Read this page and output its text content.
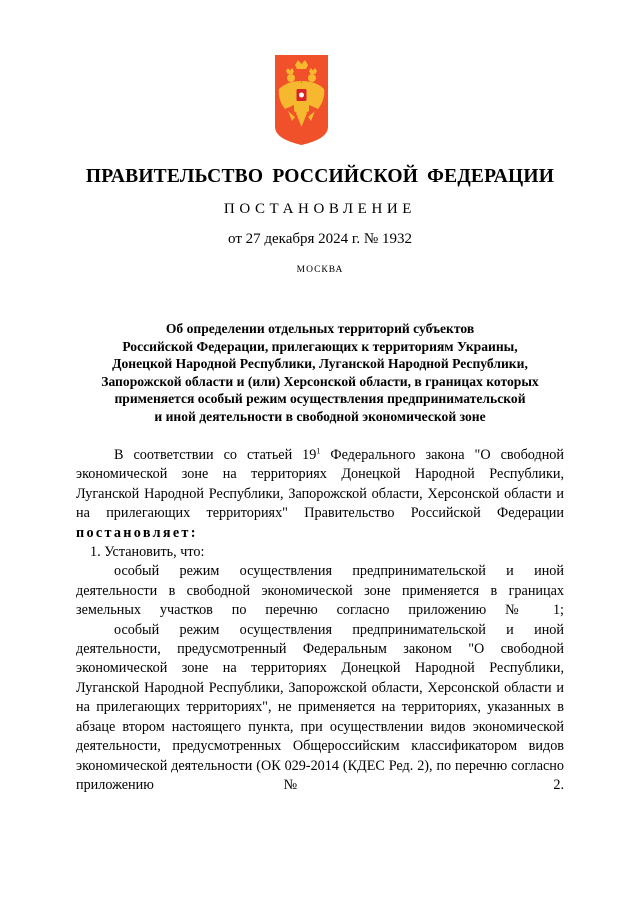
ПРАВИТЕЛЬСТВО РОССИЙСКОЙ ФЕДЕРАЦИИ
ПОСТАНОВЛЕНИЕ
от 27 декабря 2024 г. № 1932
МОСКВА
Об определении отдельных территорий субъектов
Российской Федерации, прилегающих к территориям Украины,
Донецкой Народной Республики, Луганской Народной Республики,
Запорожской области и (или) Херсонской области, в границах которых
применяется особый режим осуществления предпринимательской
и иной деятельности в свободной экономической зоне

В соответствии со статьей $19^1$ Федерального закона "О свободной экономической зоне на территориях Донецкой Народной Республики, Луганской Народной Республики, Запорожской области, Херсонской области и на прилегающих территориях" Правительство Российской Федерации

постановляет:

1. Установить, что:

особый режим осуществления предпринимательской и иной деятельности в свободной экономической зоне применяется в границах земельных участков по перечню согласно приложению № 1;

особый режим осуществления предпринимательской и иной деятельности, предусмотренный Федеральным законом "О свободной экономической зоне на территориях Донецкой Народной Республики, Луганской Народной Республики, Запорожской области, Херсонской области и на прилегающих территориях", не применяется на территориях, указанных в абзаце втором настоящего пункта, при осуществлении видов экономической деятельности, предусмотренных Общероссийским классификатором видов экономической деятельности (ОК 029-2014 (КДЕС Ред. 2), по перечню согласно приложению № 2.
